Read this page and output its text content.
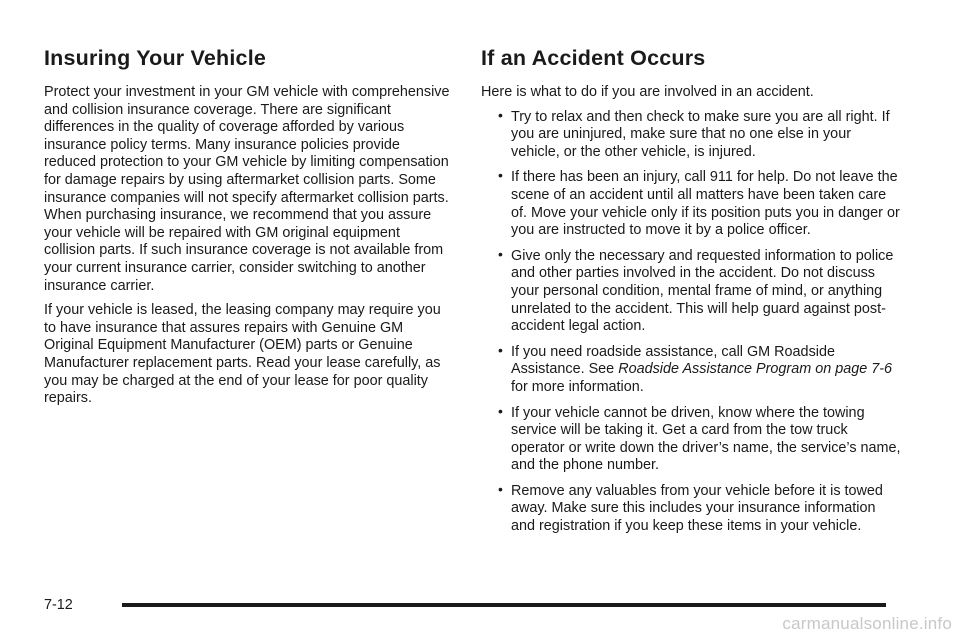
Insuring Your Vehicle

Protect your investment in your GM vehicle with comprehensive and collision insurance coverage. There are significant differences in the quality of coverage afforded by various insurance policy terms. Many insurance policies provide reduced protection to your GM vehicle by limiting compensation for damage repairs by using aftermarket collision parts. Some insurance companies will not specify aftermarket collision parts. When purchasing insurance, we recommend that you assure your vehicle will be repaired with GM original equipment collision parts. If such insurance coverage is not available from your current insurance carrier, consider switching to another insurance carrier.

If your vehicle is leased, the leasing company may require you to have insurance that assures repairs with Genuine GM Original Equipment Manufacturer (OEM) parts or Genuine Manufacturer replacement parts. Read your lease carefully, as you may be charged at the end of your lease for poor quality repairs.

If an Accident Occurs

Here is what to do if you are involved in an accident.

• Try to relax and then check to make sure you are all right. If you are uninjured, make sure that no one else in your vehicle, or the other vehicle, is injured.
• If there has been an injury, call 911 for help. Do not leave the scene of an accident until all matters have been taken care of. Move your vehicle only if its position puts you in danger or you are instructed to move it by a police officer.
• Give only the necessary and requested information to police and other parties involved in the accident. Do not discuss your personal condition, mental frame of mind, or anything unrelated to the accident. This will help guard against post-accident legal action.
• If you need roadside assistance, call GM Roadside Assistance. See Roadside Assistance Program on page 7-6 for more information.
• If your vehicle cannot be driven, know where the towing service will be taking it. Get a card from the tow truck operator or write down the driver’s name, the service’s name, and the phone number.
• Remove any valuables from your vehicle before it is towed away. Make sure this includes your insurance information and registration if you keep these items in your vehicle.
7-12
carmanualsonline.info
